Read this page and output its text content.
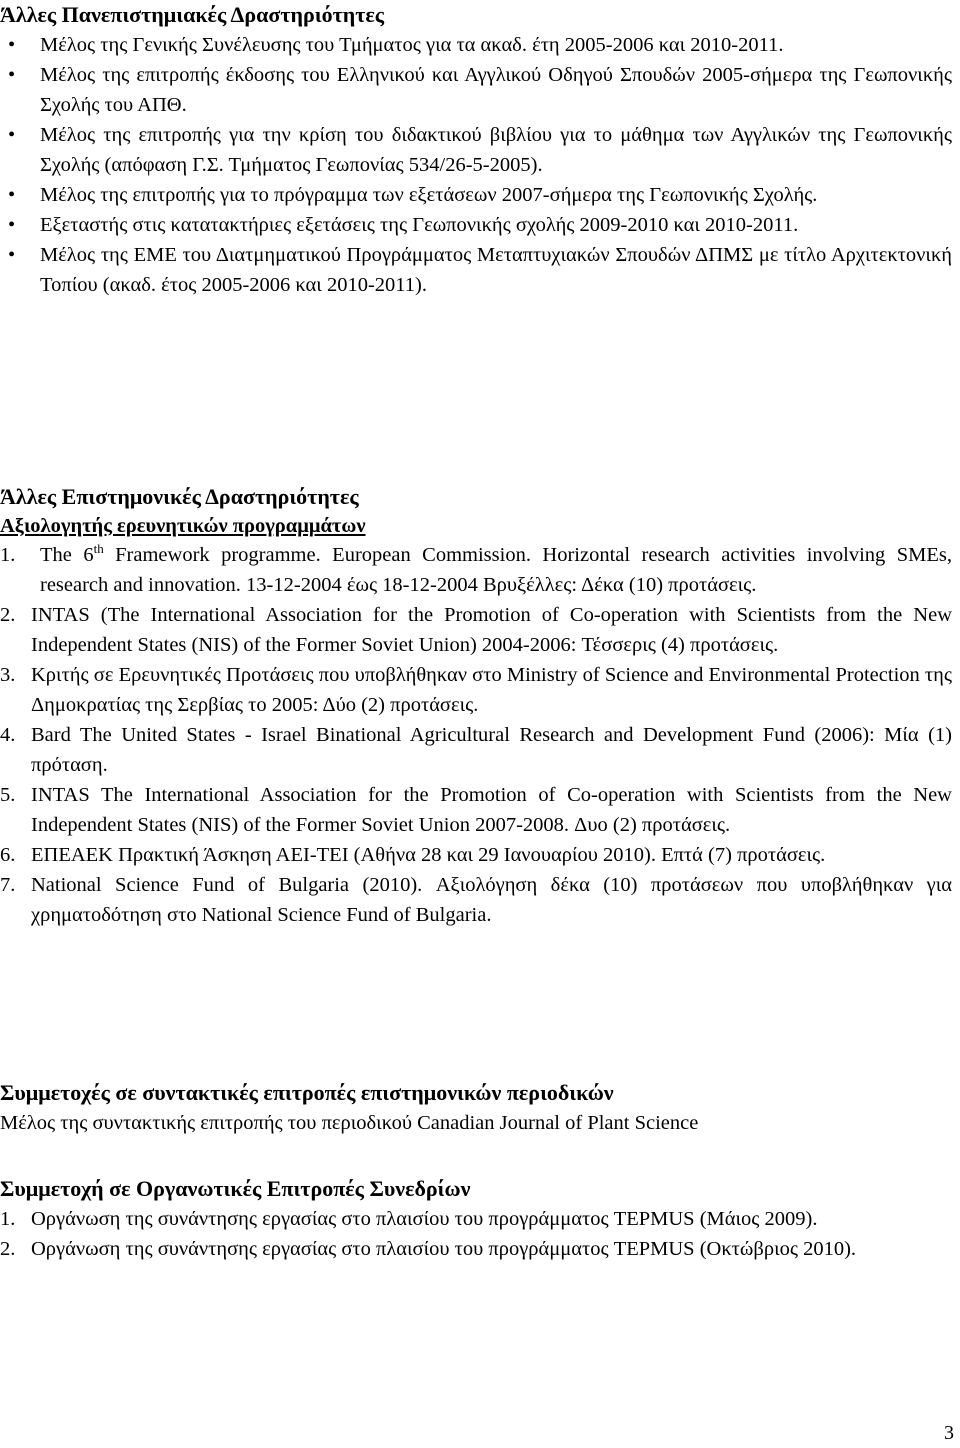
Άλλες Πανεπιστημιακές Δραστηριότητες
• Μέλος της Γενικής Συνέλευσης του Τμήματος για τα ακαδ. έτη 2005-2006 και 2010-2011.
• Μέλος της επιτροπής έκδοσης του Ελληνικού και Αγγλικού Οδηγού Σπουδών 2005-σήμερα της Γεωπονικής Σχολής του ΑΠΘ.
• Μέλος της επιτροπής για την κρίση του διδακτικού βιβλίου για το μάθημα των Αγγλικών της Γεωπονικής Σχολής (απόφαση Γ.Σ. Τμήματος Γεωπονίας 534/26-5-2005).
• Μέλος της επιτροπής για το πρόγραμμα των εξετάσεων 2007-σήμερα της Γεωπονικής Σχολής.
• Εξεταστής στις κατατακτήριες εξετάσεις της Γεωπονικής σχολής 2009-2010 και 2010-2011.
• Μέλος της ΕΜΕ του Διατμηματικού Προγράμματος Μεταπτυχιακών Σπουδών ΔΠΜΣ με τίτλο Αρχιτεκτονική Τοπίου (ακαδ. έτος 2005-2006 και 2010-2011).
Άλλες Επιστημονικές Δραστηριότητες

Αξιολογητής ερευνητικών προγραμμάτων

1. The 6th Framework programme. European Commission. Horizontal research activities involving SMEs, research and innovation. 13-12-2004 έως 18-12-2004 Βρυξέλλες: Δέκα (10) προτάσεις.
2. INTAS (The International Association for the Promotion of Co-operation with Scientists from the New Independent States (NIS) of the Former Soviet Union) 2004-2006: Τέσσερις (4) προτάσεις.
3. Κριτής σε Ερευνητικές Προτάσεις που υποβλήθηκαν στο Ministry of Science and Environmental Protection της Δημοκρατίας της Σερβίας το 2005: Δύο (2) προτάσεις.
4. Bard The United States - Israel Binational Agricultural Research and Development Fund (2006): Μία (1) πρόταση.
5. INTAS The International Association for the Promotion of Co-operation with Scientists from the New Independent States (NIS) of the Former Soviet Union 2007-2008. Δυο (2) προτάσεις.
6. ΕΠΕΑΕΚ Πρακτική Άσκηση ΑΕΙ-ΤΕΙ (Αθήνα 28 και 29 Ιανουαρίου 2010). Επτά (7) προτάσεις.
7. National Science Fund of Bulgaria (2010). Αξιολόγηση δέκα (10) προτάσεων που υποβλήθηκαν για χρηματοδότηση στο National Science Fund of Bulgaria.
Συμμετοχές σε συντακτικές επιτροπές επιστημονικών περιοδικών

Μέλος της συντακτικής επιτροπής του περιοδικού Canadian Journal of Plant Science

Συμμετοχή σε Οργανωτικές Επιτροπές Συνεδρίων
1. Οργάνωση της συνάντησης εργασίας στο πλαισίου του προγράμματος TEPMUS (Μάιος 2009).
2. Οργάνωση της συνάντησης εργασίας στο πλαισίου του προγράμματος TEPMUS (Οκτώβριος 2010).
3
